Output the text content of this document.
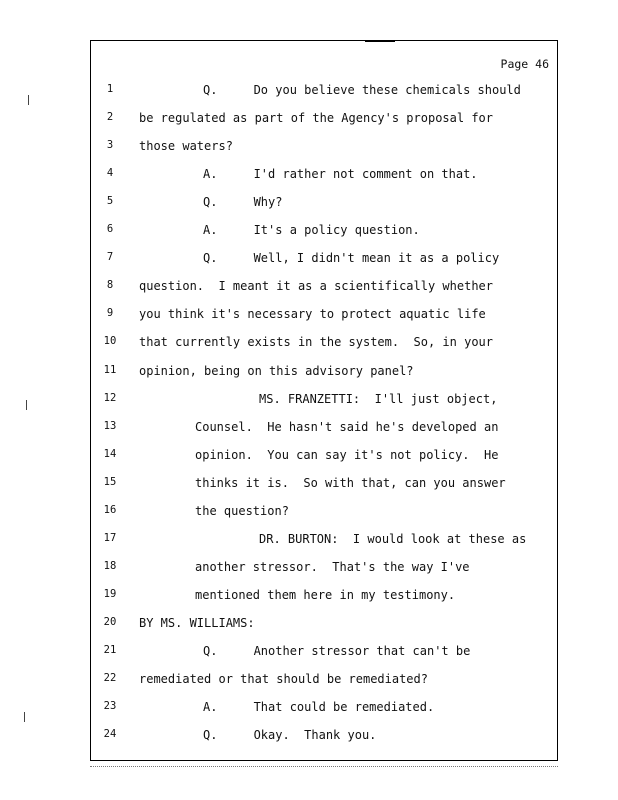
Page 46
1	Q.     Do you believe these chemicals should
2	be regulated as part of the Agency's proposal for
3	those waters?
4	A.     I'd rather not comment on that.
5	Q.     Why?
6	A.     It's a policy question.
7	Q.     Well, I didn't mean it as a policy
8	question.  I meant it as a scientifically whether
9	you think it's necessary to protect aquatic life
10	that currently exists in the system.  So, in your
11	opinion, being on this advisory panel?
12	MS. FRANZETTI:  I'll just object,
13	Counsel.  He hasn't said he's developed an
14	opinion.  You can say it's not policy.  He
15	thinks it is.  So with that, can you answer
16	the question?
17	DR. BURTON:  I would look at these as
18	another stressor.  That's the way I've
19	mentioned them here in my testimony.
20	BY MS. WILLIAMS:
21	Q.     Another stressor that can't be
22	remediated or that should be remediated?
23	A.     That could be remediated.
24	Q.     Okay.  Thank you.
